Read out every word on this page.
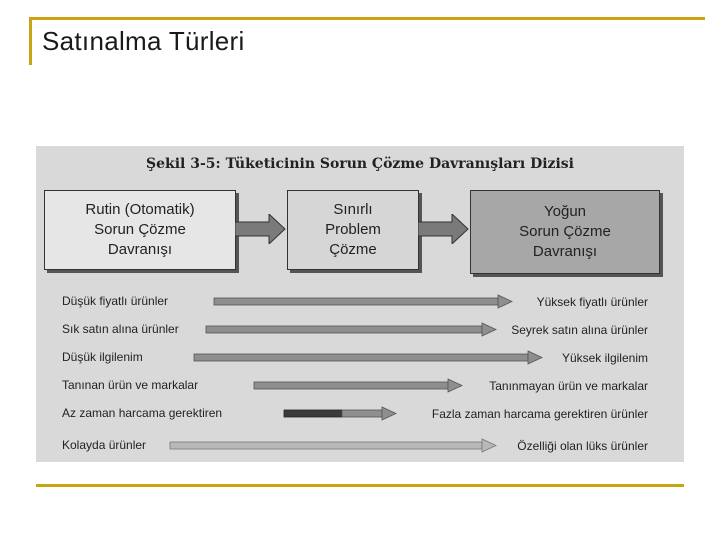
Satınalma Türleri
Şekil 3-5: Tüketicinin Sorun Çözme Davranışları Dizisi
Rutin (Otomatik)
Sorun Çözme
Davranışı
Sınırlı
Problem
Çözme
Yoğun
Sorun Çözme
Davranışı
Düşük fiyatlı ürünler	Yüksek fiyatlı ürünler
Sık satın alına ürünler	Seyrek satın alına ürünler
Düşük ilgilenim	Yüksek ilgilenim
Tanınan ürün ve markalar	Tanınmayan ürün ve markalar
Az zaman harcama gerektiren	Fazla zaman harcama gerektiren ürünler
Kolayda ürünler	Özelliği olan lüks ürünler
